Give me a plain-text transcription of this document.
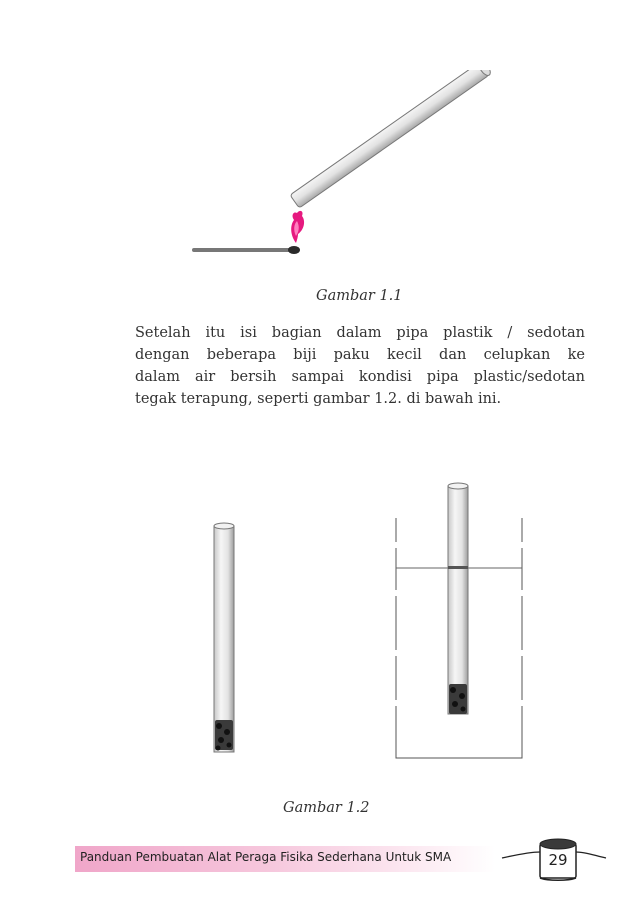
Gambar 1.1
Setelah itu isi bagian dalam pipa plastik / sedotan
dengan beberapa biji paku kecil dan celupkan ke
dalam air bersih sampai kondisi pipa plastic/sedotan
tegak terapung, seperti gambar 1.2. di bawah ini.
Gambar 1.2
Panduan Pembuatan Alat Peraga Fisika Sederhana Untuk SMA	29
